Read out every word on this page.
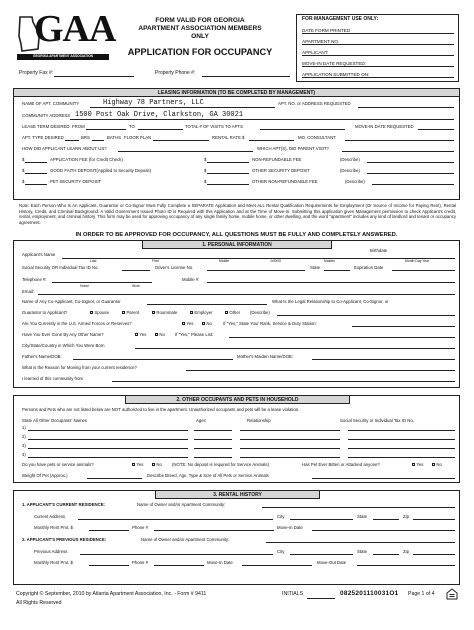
GAA
GEORGIA APARTMENT ASSOCIATION
FORM VALID FOR GEORGIA APARTMENT ASSOCIATION MEMBERS ONLY
APPLICATION FOR OCCUPANCY
Property Fax #:	Property Phone #:
FOR MANAGEMENT USE ONLY:
DATE FORM PRINTED
APARTMENT NO.
APPLICANT:
MOVE-IN DATE REQUESTED:
APPLICATION SUBMITTED ON:
LEASING INFORMATION (TO BE COMPLETED BY MANAGEMENT)
NAME OF APT. COMMUNITY	Highway 78 Partners, LLC	APT. NO. or ADDRESS REQUESTED
COMMUNITY ADDRESS 1500 Post Oak Drive, Clarkston, GA 30021
LEASE TERM DESIRED: FROM	TO	TOTAL # OF VISITS TO APTS	MOVE-IN DATE REQUESTED
APT. TYPE DESIRED	BRS	BATHS FLOOR PLAN	RENTAL RATE $	MO. CONSULTANT
HOW DID APPLICANT LEARN ABOUT US?	WHICH APT(S). DID PARENT VISIT?
$	APPLICATION FEE (for Credit Check)	$	NON-REFUNDABLE FEE	(Describe)
$	GOOD FAITH DEPOSIT(Applied to Security Deposit)	$	OTHER SECURITY DEPOSIT	(Describe)
$	PET SECURITY DEPOSIT	$	OTHER NON-REFUNDABLE FEE	(Describe)
Note: Each Person Who Is An Applicant, Guarantor or Co-Signor Must Fully Complete a SEPARATE Application and Meet ALL Rental Qualification Requirements for Employment (Or Source of Income for Paying Rent), Rental History, Credit, and Criminal Background. A Valid Government Issued Photo ID is Required with this Application and at the Time of Move-In. Submitting this application gives Management permission to check Applicant's credit, rental, employment, and criminal history. This form may be used for approving occupancy of any single family home, mobile home, or other dwelling, and the word "apartment" includes any kind of landlord and tenant or occupancy agreement.
IN ORDER TO BE APPROVED FOR OCCUPANCY, ALL QUESTIONS MUST BE FULLY AND COMPLETELY ANSWERED.
1. PERSONAL INFORMATION
Applicant's Name
Birthdate
Last	First	Middle	Jr/Sr/III	Maiden	Month Day Year
Social Security OR Individual Tax ID No.	Driver's License No.	State	Expiration Date
Telephone #:	Mobile #:
Home	Work
Email:
Name of Any Co-Applicant, Co-Signor, or Guarantor	What Is the Legal Relationship to Co-Applicant, Co-Signor, or
Guarantor to Applicant?	Spouse	Parent	Roommate	Employer	Other (Describe)
Are You Currently in the U.S. Armed Forces or Reserves?	Yes	No	If "Yes," State Your Rank, Service & Duty Station:
Have You Ever Gone By Any Other Name?	Yes	No If "Yes," Please List:
City/State/Country in Which You Were Born
Father's Name/DOB:	Mother's Maiden Name/DOB:
What is the Reason for Moving from your current residence?
I learned of this community from
2. OTHER OCCUPANTS AND PETS IN HOUSEHOLD
Persons and Pets who are not listed below are NOT authorized to live in the apartment. Unauthorized occupants and pets will be a lease violation.
State All Other Occupants' Names	Ages	Relationship	Social Security or Individual Tax ID No.
1)
2)
3)
4)
Do you have pets or service animals?	Yes	No (NOTE: No deposit is required for Service Animals)	Has Pet Ever Bitten or Attacked anyone?	Yes	No
Weight Of Pet (Approx.)	Describe Breed, Age, Type & Size of All Pets or Service Animals
3. RENTAL HISTORY
1. APPLICANT'S CURRENT RESIDENCE:	Name of Owner and/or Apartment Community:
Current Address	City	State	Zip
Monthly Rent Pmt. $	Phone #	Move-In Date
2. APPLICANT'S PREVIOUS RESIDENCE:	Name of Owner and/or Apartment Community:
Previous Address	City	State	Zip
Monthly Rent Pmt. $	Phone #	Move-In Date	Move-Out Date
Copyright © September, 2010 by Atlanta Apartment Association, Inc. - Form # 9411	INITIALS	0825201110031O1 Page 1 of 4
All Rights Reserved
